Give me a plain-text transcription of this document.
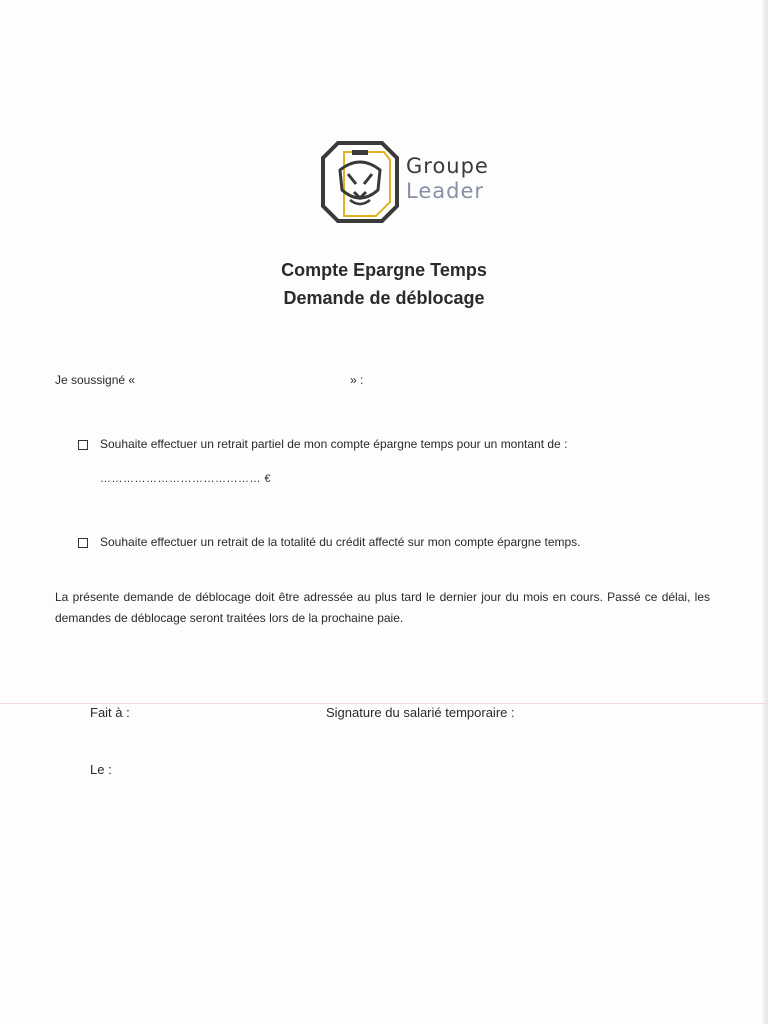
Groupe
Leader
Compte Epargne Temps
Demande de déblocage
Je soussigné «	» :
Souhaite effectuer un retrait partiel de mon compte épargne temps pour un montant de :
…………………………………… €
Souhaite effectuer un retrait de la totalité du crédit affecté sur mon compte épargne temps.
La présente demande de déblocage doit être adressée au plus tard le dernier jour du mois en cours. Passé ce délai, les demandes de déblocage seront traitées lors de la prochaine paie.
Fait à :	Signature du salarié temporaire :
Le :
